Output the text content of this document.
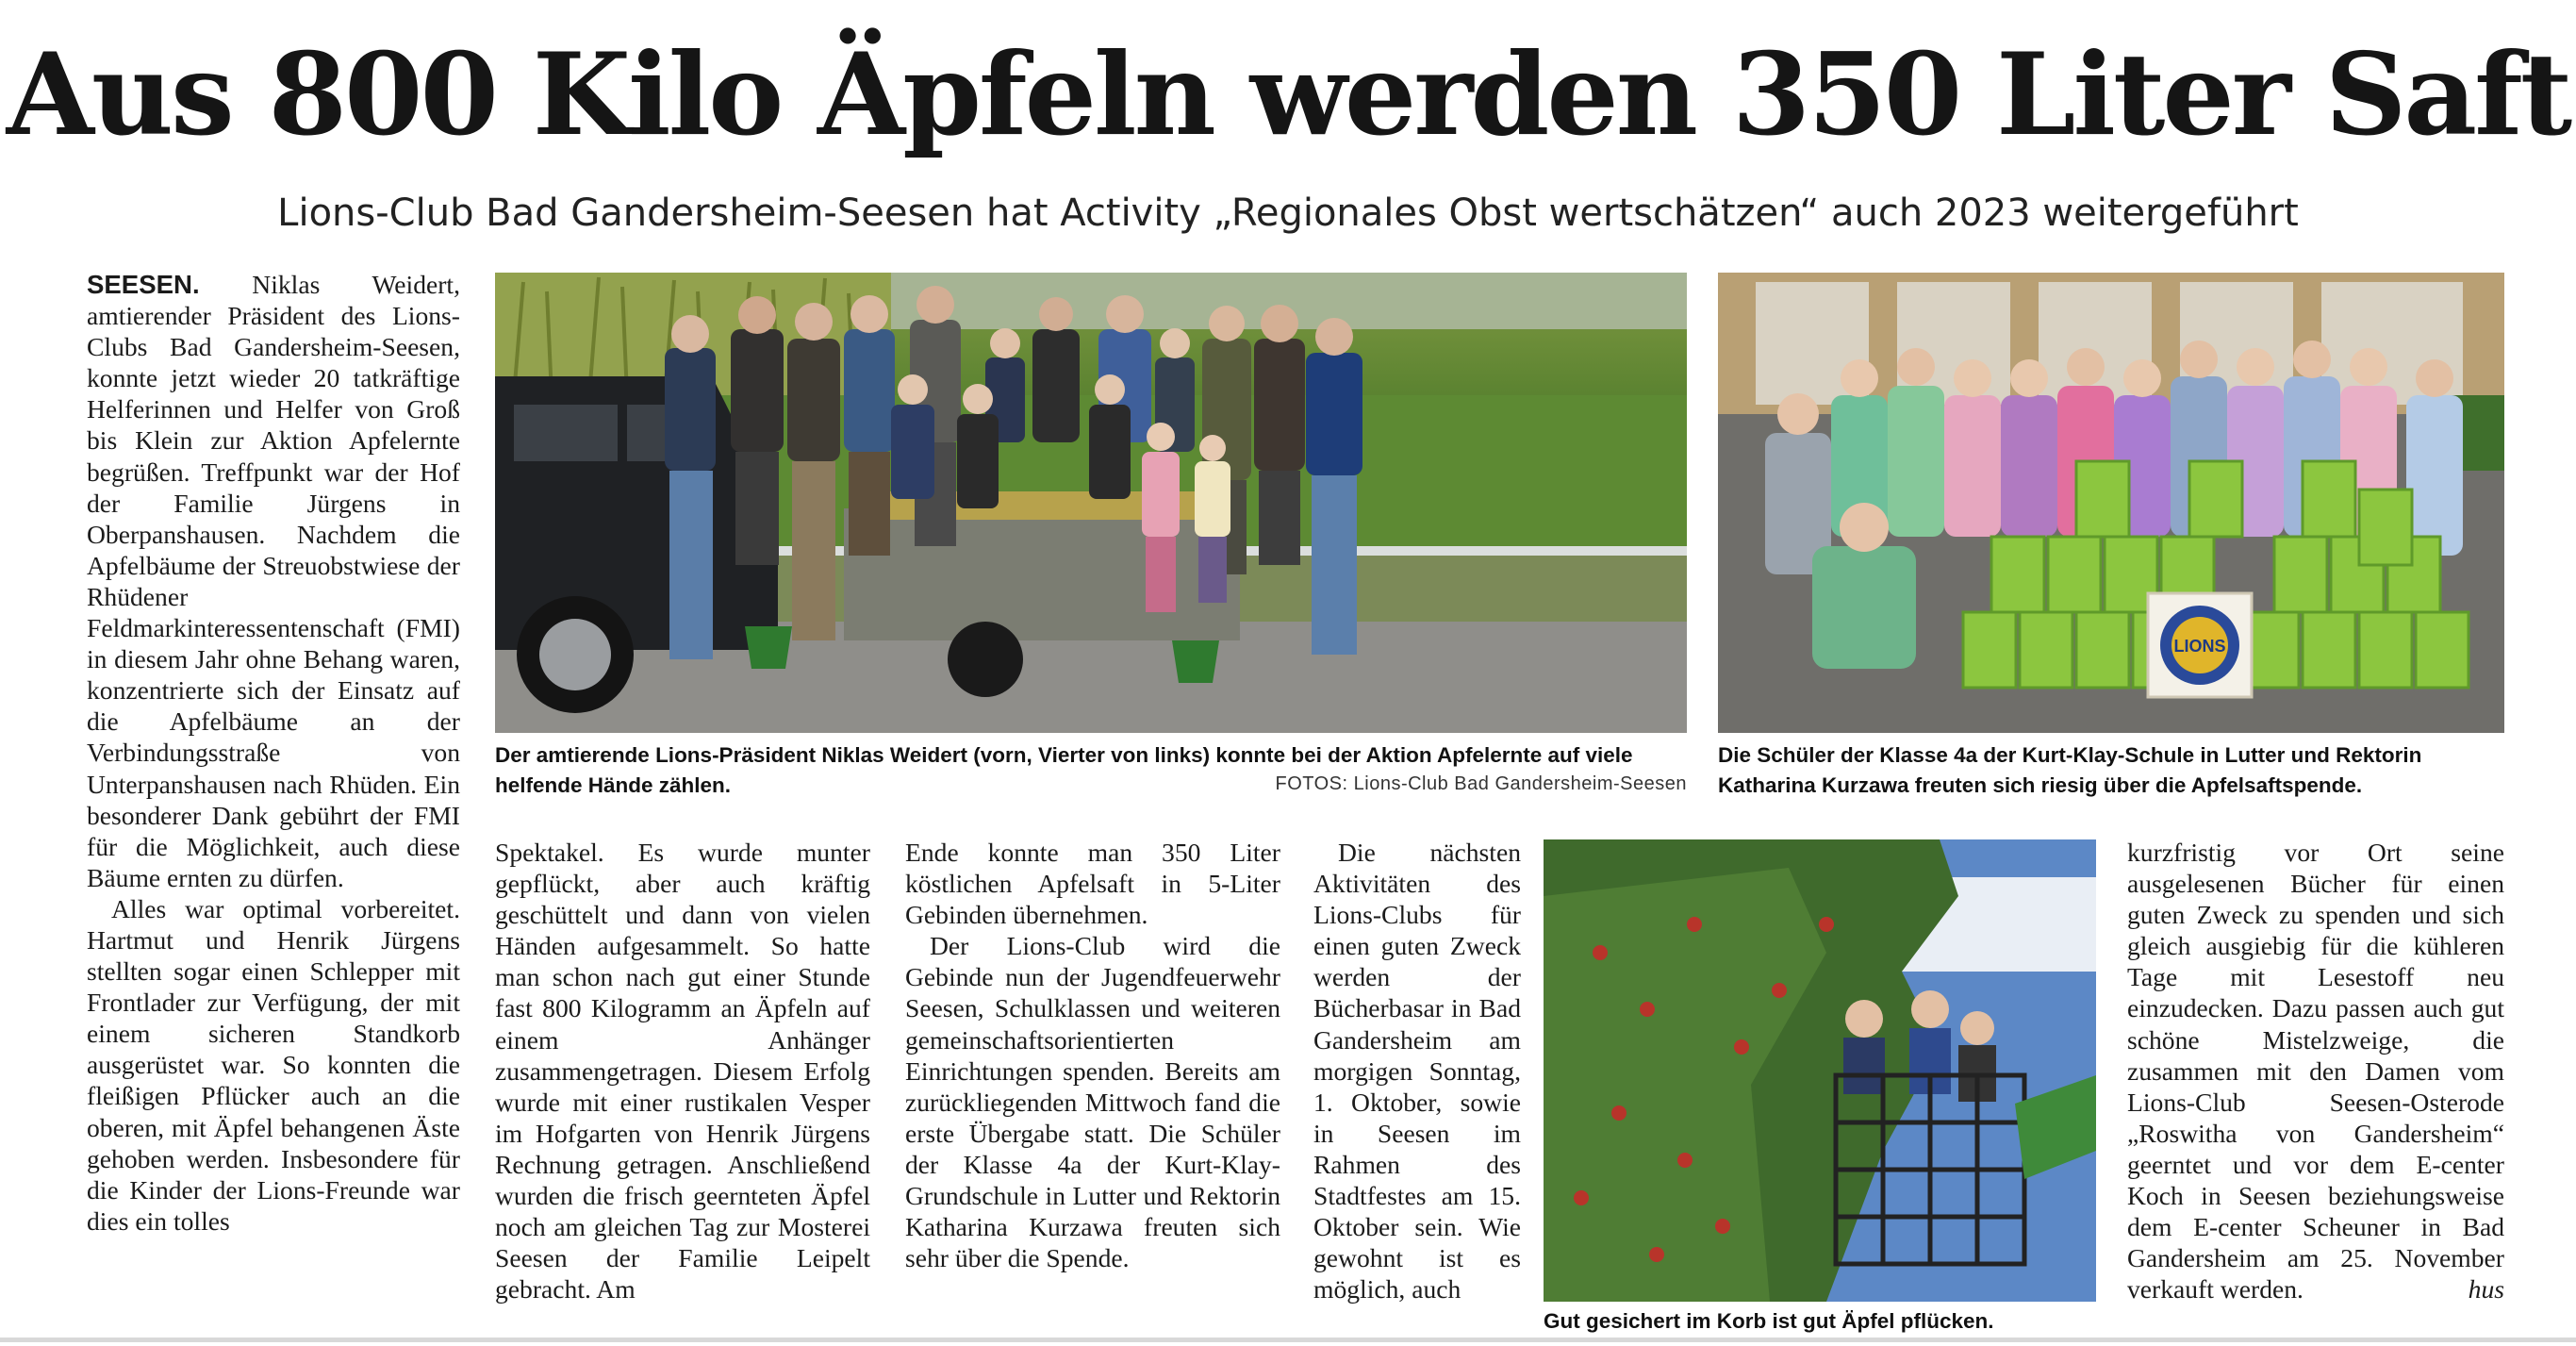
Aus 800 Kilo Äpfeln werden 350 Liter Saft
Lions-Club Bad Gandersheim-Seesen hat Activity „Regionales Obst wertschätzen“ auch 2023 weitergeführt

SEESEN. Niklas Weidert, amtierender Präsident des Lions-Clubs Bad Gandersheim-Seesen, konnte jetzt wieder 20 tatkräftige Helferinnen und Helfer von Groß bis Klein zur Aktion Apfelernte begrüßen. Treffpunkt war der Hof der Familie Jürgens in Oberpanshausen. Nachdem die Apfelbäume der Streuobstwiese der Rhüdener Feldmarkinteressentenschaft (FMI) in diesem Jahr ohne Behang waren, konzentrierte sich der Einsatz auf die Apfelbäume an der Verbindungsstraße von Unterpanshausen nach Rhüden. Ein besonderer Dank gebührt der FMI für die Möglichkeit, auch diese Bäume ernten zu dürfen.

Alles war optimal vorbereitet. Hartmut und Henrik Jürgens stellten sogar einen Schlepper mit Frontlader zur Verfügung, der mit einem sicheren Standkorb ausgerüstet war. So konnten die fleißigen Pflücker auch an die oberen, mit Äpfel behangenen Äste gehoben werden. Insbesondere für die Kinder der Lions-Freunde war dies ein tolles

LIONS
Der amtierende Lions-Präsident Niklas Weidert (vorn, Vierter von links) konnte bei der Aktion Apfelernte auf viele helfende Hände zählen.	FOTOS: Lions-Club Bad Gandersheim-Seesen
Die Schüler der Klasse 4a der Kurt-Klay-Schule in Lutter und Rektorin Katharina Kurzawa freuten sich riesig über die Apfelsaftspende.

Spektakel. Es wurde munter gepflückt, aber auch kräftig geschüttelt und dann von vielen Händen aufgesammelt. So hatte man schon nach gut einer Stunde fast 800 Kilogramm an Äpfeln auf einem Anhänger zusammengetragen. Diesem Erfolg wurde mit einer rustikalen Vesper im Hofgarten von Henrik Jürgens Rechnung getragen. Anschließend wurden die frisch geernteten Äpfel noch am gleichen Tag zur Mosterei Seesen der Familie Leipelt gebracht. Am

Ende konnte man 350 Liter köstlichen Apfelsaft in 5-Liter Gebinden übernehmen.

Der Lions-Club wird die Gebinde nun der Jugendfeuerwehr Seesen, Schulklassen und weiteren gemeinschaftsorientierten Einrichtungen spenden. Bereits am zurückliegenden Mittwoch fand die erste Übergabe statt. Die Schüler der Klasse 4a der Kurt-Klay-Grundschule in Lutter und Rektorin Katharina Kurzawa freuten sich sehr über die Spende.

Die nächsten Aktivitäten des Lions-Clubs für einen guten Zweck werden der Bücherbasar in Bad Gandersheim am morgigen Sonntag, 1. Oktober, sowie in Seesen im Rahmen des Stadtfestes am 15. Oktober sein. Wie gewohnt ist es möglich, auch

Gut gesichert im Korb ist gut Äpfel pflücken.

kurzfristig vor Ort seine ausgelesenen Bücher für einen guten Zweck zu spenden und sich gleich ausgiebig für die kühleren Tage mit Lesestoff neu einzudecken. Dazu passen auch gut schöne Mistelzweige, die zusammen mit den Damen vom Lions-Club Seesen-Osterode „Roswitha von Gandersheim“ geerntet und vor dem E-center Koch in Seesen beziehungsweise dem E-center Scheuner in Bad Gandersheim am 25. November verkauft werden.	hus
